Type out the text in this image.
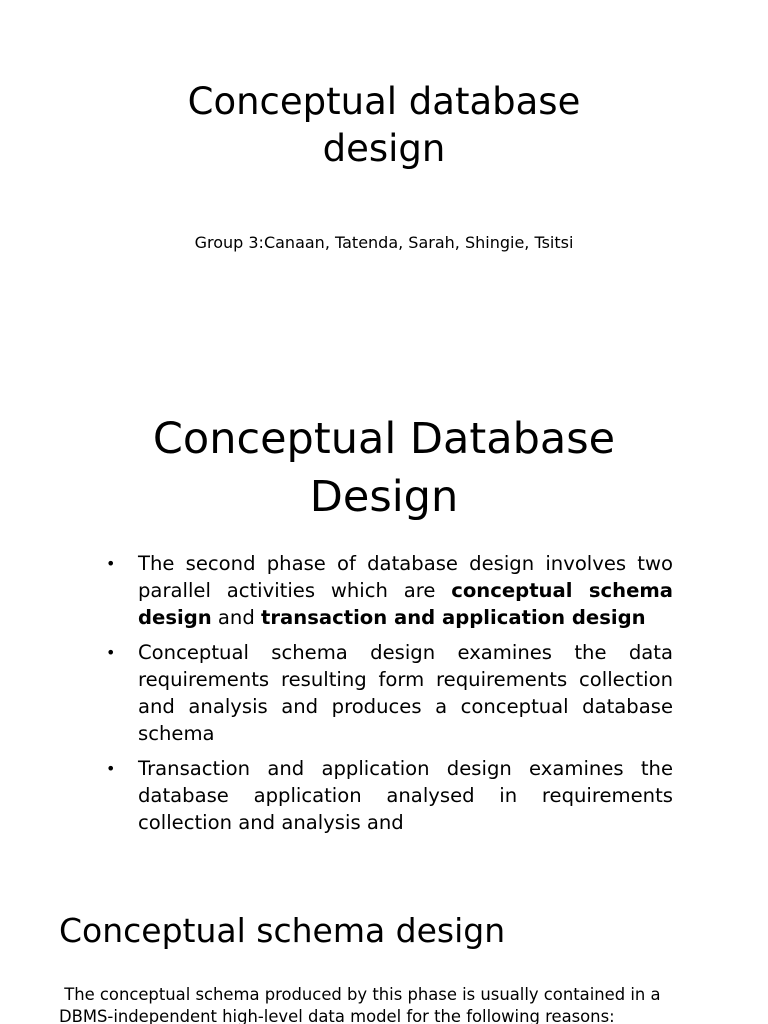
Conceptual database
design
Group 3:Canaan, Tatenda, Sarah, Shingie, Tsitsi
Conceptual Database
Design
• The second phase of database design involves two parallel activities which are conceptual schema design and transaction and application design
• Conceptual schema design examines the data requirements resulting form requirements collection and analysis and produces a conceptual database schema
• Transaction and application design examines the database application analysed in requirements collection and analysis and
Conceptual schema design
The conceptual schema produced by this phase is usually contained in a
DBMS-independent high-level data model for the following reasons:
